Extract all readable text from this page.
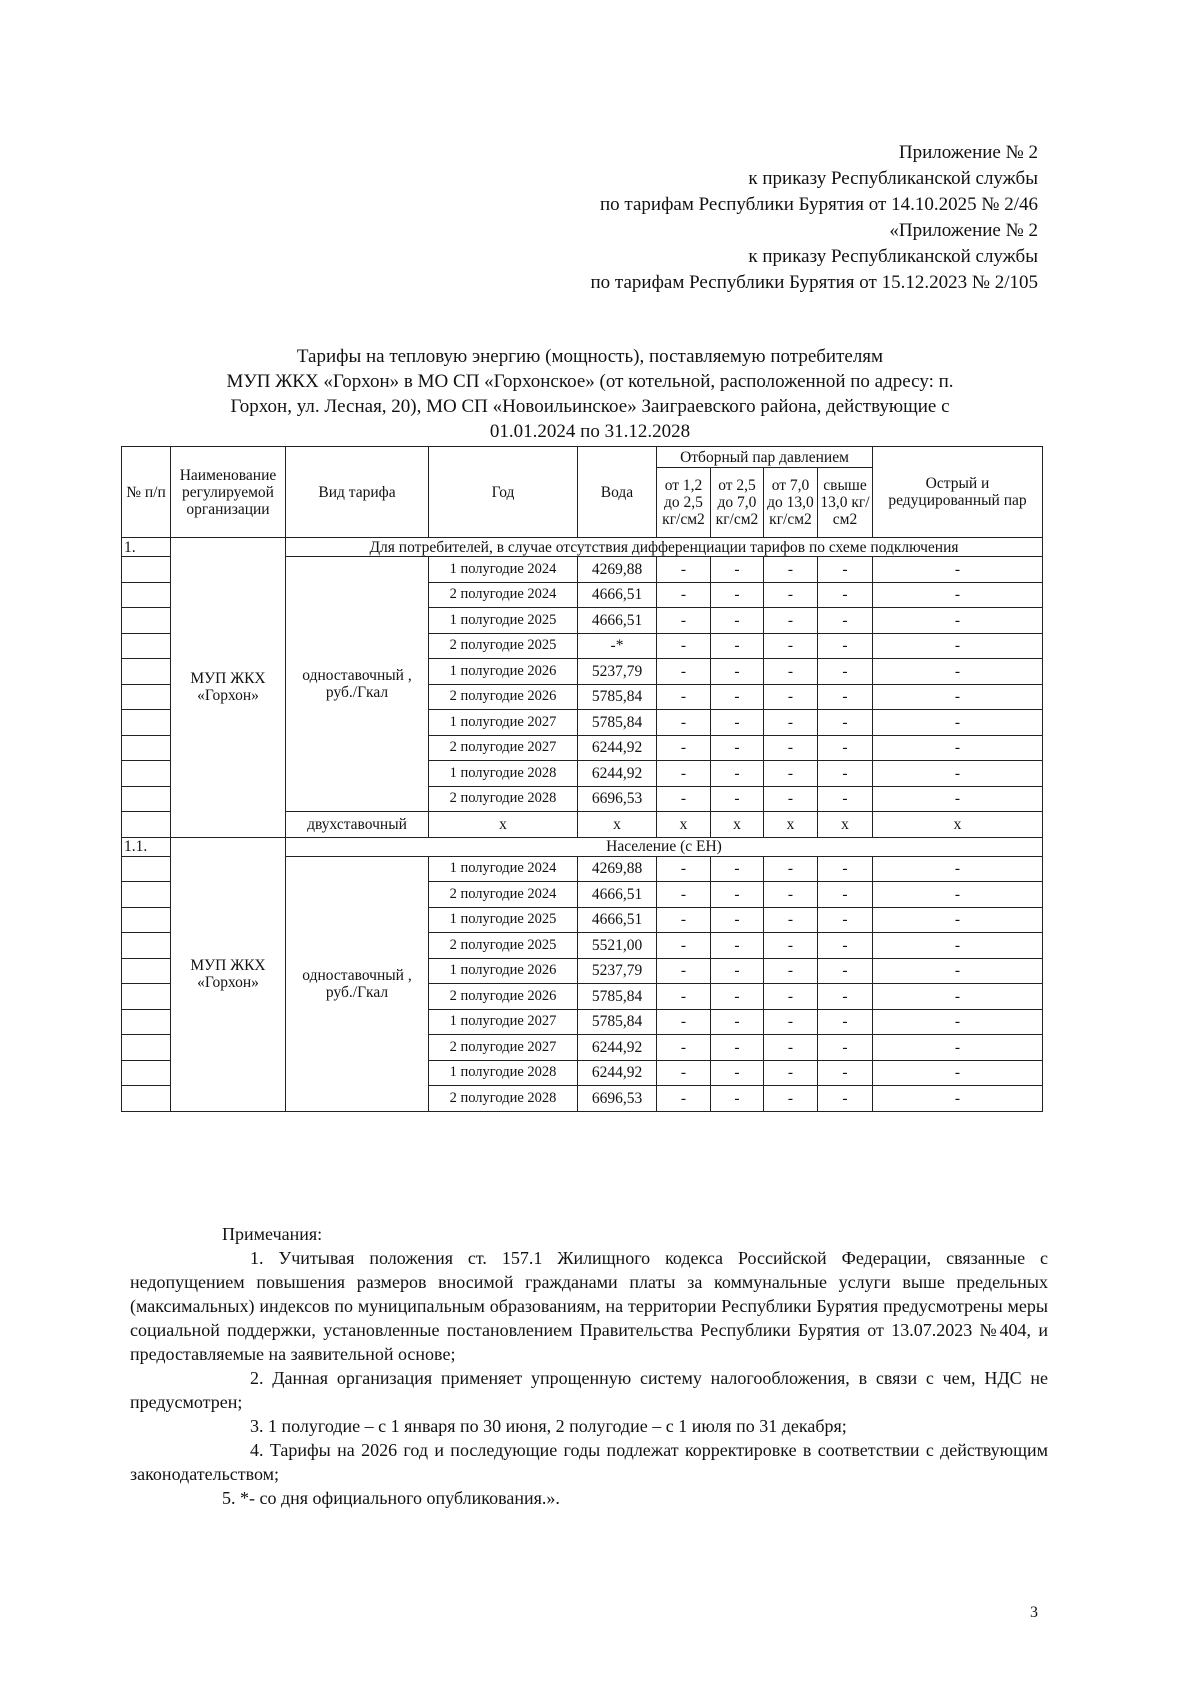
Приложение № 2
к приказу Республиканской службы
по тарифам Республики Бурятия от 14.10.2025 № 2/46
«Приложение № 2
к приказу Республиканской службы
по тарифам Республики Бурятия от 15.12.2023 № 2/105
Тарифы на тепловую энергию (мощность), поставляемую потребителям
МУП ЖКХ «Горхон» в МО СП «Горхонское» (от котельной, расположенной по адресу: п.
Горхон, ул. Лесная, 20), МО СП «Новоильинское» Заиграевского района, действующие с
01.01.2024 по 31.12.2028
№ п/п	Наименование регулируемой организации	Вид тарифа	Год	Вода	Отборный пар давлением				Острый и редуцированный пар
					от 1,2 до 2,5 кг/см2	от 2,5 до 7,0 кг/см2	от 7,0 до 13,0 кг/см2	свыше 13,0 кг/см2	
1.	МУП ЖКХ «Горхон»	Для потребителей, в случае отсутствия дифференциации тарифов по схеме подключения							
		одноставочный , руб./Гкал	1 полугодие 2024	4269,88	-	-	-	-	-
			2 полугодие 2024	4666,51	-	-	-	-	-
			1 полугодие 2025	4666,51	-	-	-	-	-
			2 полугодие 2025	-*	-	-	-	-	-
			1 полугодие 2026	5237,79	-	-	-	-	-
			2 полугодие 2026	5785,84	-	-	-	-	-
			1 полугодие 2027	5785,84	-	-	-	-	-
			2 полугодие 2027	6244,92	-	-	-	-	-
			1 полугодие 2028	6244,92	-	-	-	-	-
			2 полугодие 2028	6696,53	-	-	-	-	-
		двухставочный	x	x	x	x	x	x	x
1.1.	МУП ЖКХ «Горхон»	Население (с ЕН)							
		одноставочный , руб./Гкал	1 полугодие 2024	4269,88	-	-	-	-	-
			2 полугодие 2024	4666,51	-	-	-	-	-
			1 полугодие 2025	4666,51	-	-	-	-	-
			2 полугодие 2025	5521,00	-	-	-	-	-
			1 полугодие 2026	5237,79	-	-	-	-	-
			2 полугодие 2026	5785,84	-	-	-	-	-
			1 полугодие 2027	5785,84	-	-	-	-	-
			2 полугодие 2027	6244,92	-	-	-	-	-
			1 полугодие 2028	6244,92	-	-	-	-	-
			2 полугодие 2028	6696,53	-	-	-	-	-

Примечания:

1. Учитывая положения ст. 157.1 Жилищного кодекса Российской Федерации, связанные с недопущением повышения размеров вносимой гражданами платы за коммунальные услуги выше предельных (максимальных) индексов по муниципальным образованиям, на территории Республики Бурятия предусмотрены меры социальной поддержки, установленные постановлением Правительства Республики Бурятия от 13.07.2023 №404, и предоставляемые на заявительной основе;

2. Данная организация применяет упрощенную систему налогообложения, в связи с чем, НДС не предусмотрен;

3. 1 полугодие – с 1 января по 30 июня, 2 полугодие – с 1 июля по 31 декабря;

4. Тарифы на 2026 год и последующие годы подлежат корректировке в соответствии с действующим законодательством;

5. *- со дня официального опубликования.».

3
